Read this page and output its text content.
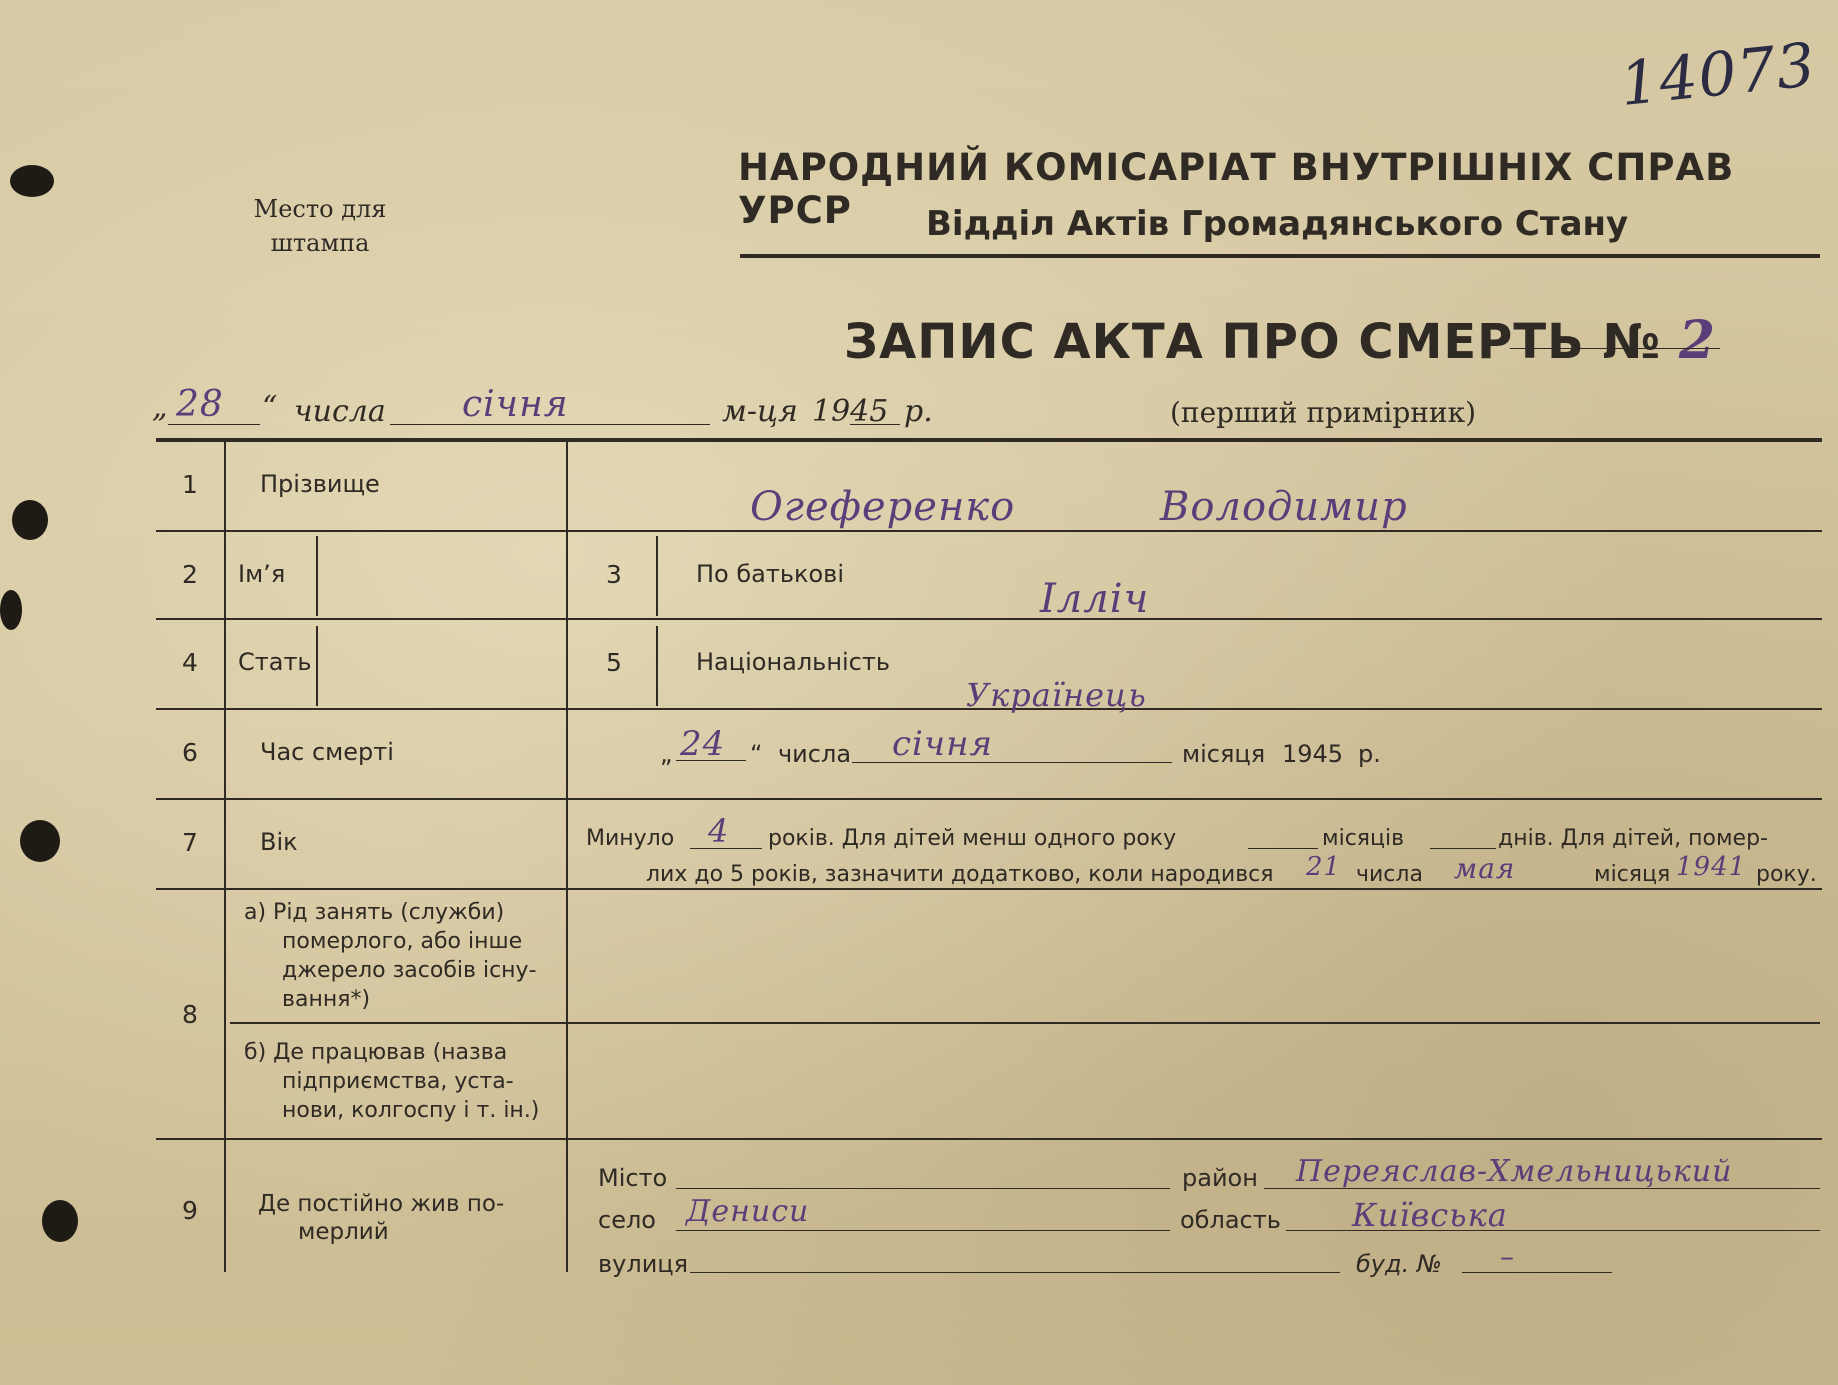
14073
Место для
штампа
НАРОДНИЙ КОМІСАРІАТ ВНУТРІШНІХ СПРАВ УРСР	Відділ Актів Громадянського Стану
ЗАПИС АКТА ПРО СМЕРТЬ № 2
„ 28 “ числа січня	м-ця 1945 р.	(перший примірник)
1	Прізвище	Огеференко	Володимир
2	Ім’я	3	По батькові
Ілліч
4	Стать	5	Національність
Українець
6	Час смерті	„ 24 “ числа січня	місяця 1945 р.
7	Вік	Минуло 4 років. Для дітей менш одного року	місяців	днів. Для дітей, помер-
лих до 5 років, зазначити додатково, коли народився 21 числа мая	місяця 1941 року.
8
а) Рід занять (служби)
померлого, або інше
джерело засобів існу-
вання*)
б) Де працював (назва
підприємства, уста-
нови, колгоспу і т. ін.)
9	Де постійно жив по-
мерлий
Місто	район Переяслав-Хмельницький
село Дениси	область Київська
вулиця	буд. № –
